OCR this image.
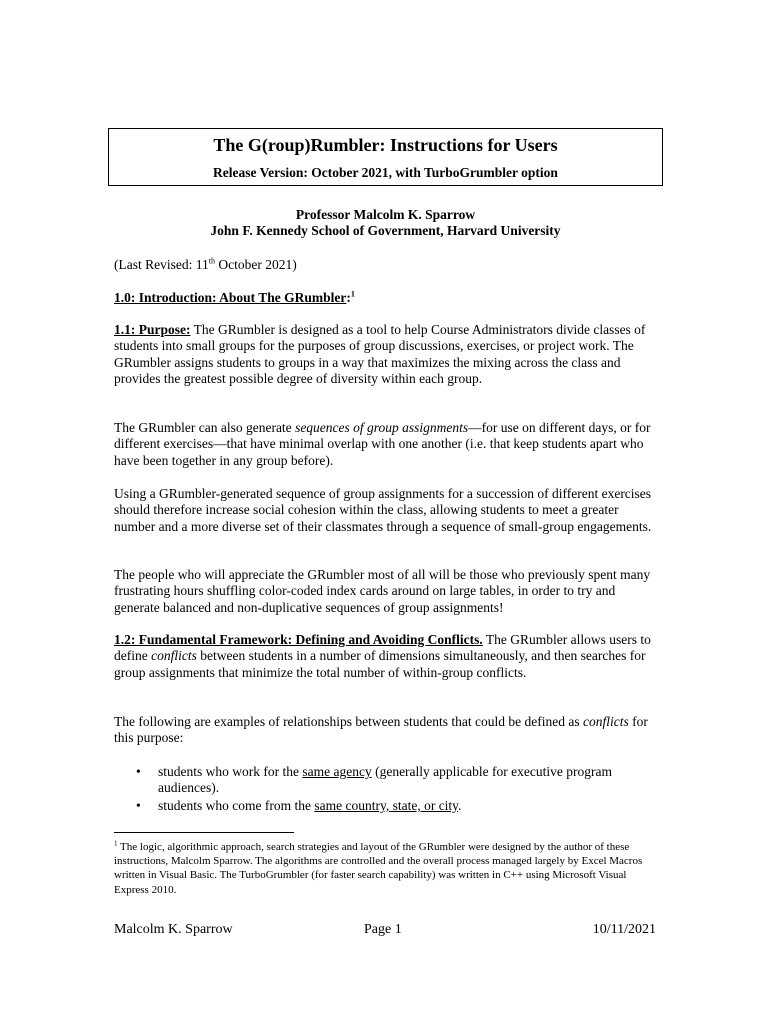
The G(roup)Rumbler: Instructions for Users
Release Version: October 2021, with TurboGrumbler option
Professor Malcolm K. Sparrow
John F. Kennedy School of Government, Harvard University
(Last Revised: 11th October 2021)
1.0: Introduction: About The GRumbler:$^1$
1.1: Purpose: The GRumbler is designed as a tool to help Course Administrators divide classes of students into small groups for the purposes of group discussions, exercises, or project work. The GRumbler assigns students to groups in a way that maximizes the mixing across the class and provides the greatest possible degree of diversity within each group.
The GRumbler can also generate sequences of group assignments—for use on different days, or for different exercises—that have minimal overlap with one another (i.e. that keep students apart who have been together in any group before).
Using a GRumbler-generated sequence of group assignments for a succession of different exercises should therefore increase social cohesion within the class, allowing students to meet a greater number and a more diverse set of their classmates through a sequence of small-group engagements.
The people who will appreciate the GRumbler most of all will be those who previously spent many frustrating hours shuffling color-coded index cards around on large tables, in order to try and generate balanced and non-duplicative sequences of group assignments!
1.2: Fundamental Framework: Defining and Avoiding Conflicts. The GRumbler allows users to define conflicts between students in a number of dimensions simultaneously, and then searches for group assignments that minimize the total number of within-group conflicts.
The following are examples of relationships between students that could be defined as conflicts for this purpose:
• students who work for the same agency (generally applicable for executive program audiences).
• students who come from the same country, state, or city.
$^1$ The logic, algorithmic approach, search strategies and layout of the GRumbler were designed by the author of these instructions, Malcolm Sparrow. The algorithms are controlled and the overall process managed largely by Excel Macros written in Visual Basic. The TurboGrumbler (for faster search capability) was written in C++ using Microsoft Visual Express 2010.
Malcolm K. Sparrow	Page 1	10/11/2021
